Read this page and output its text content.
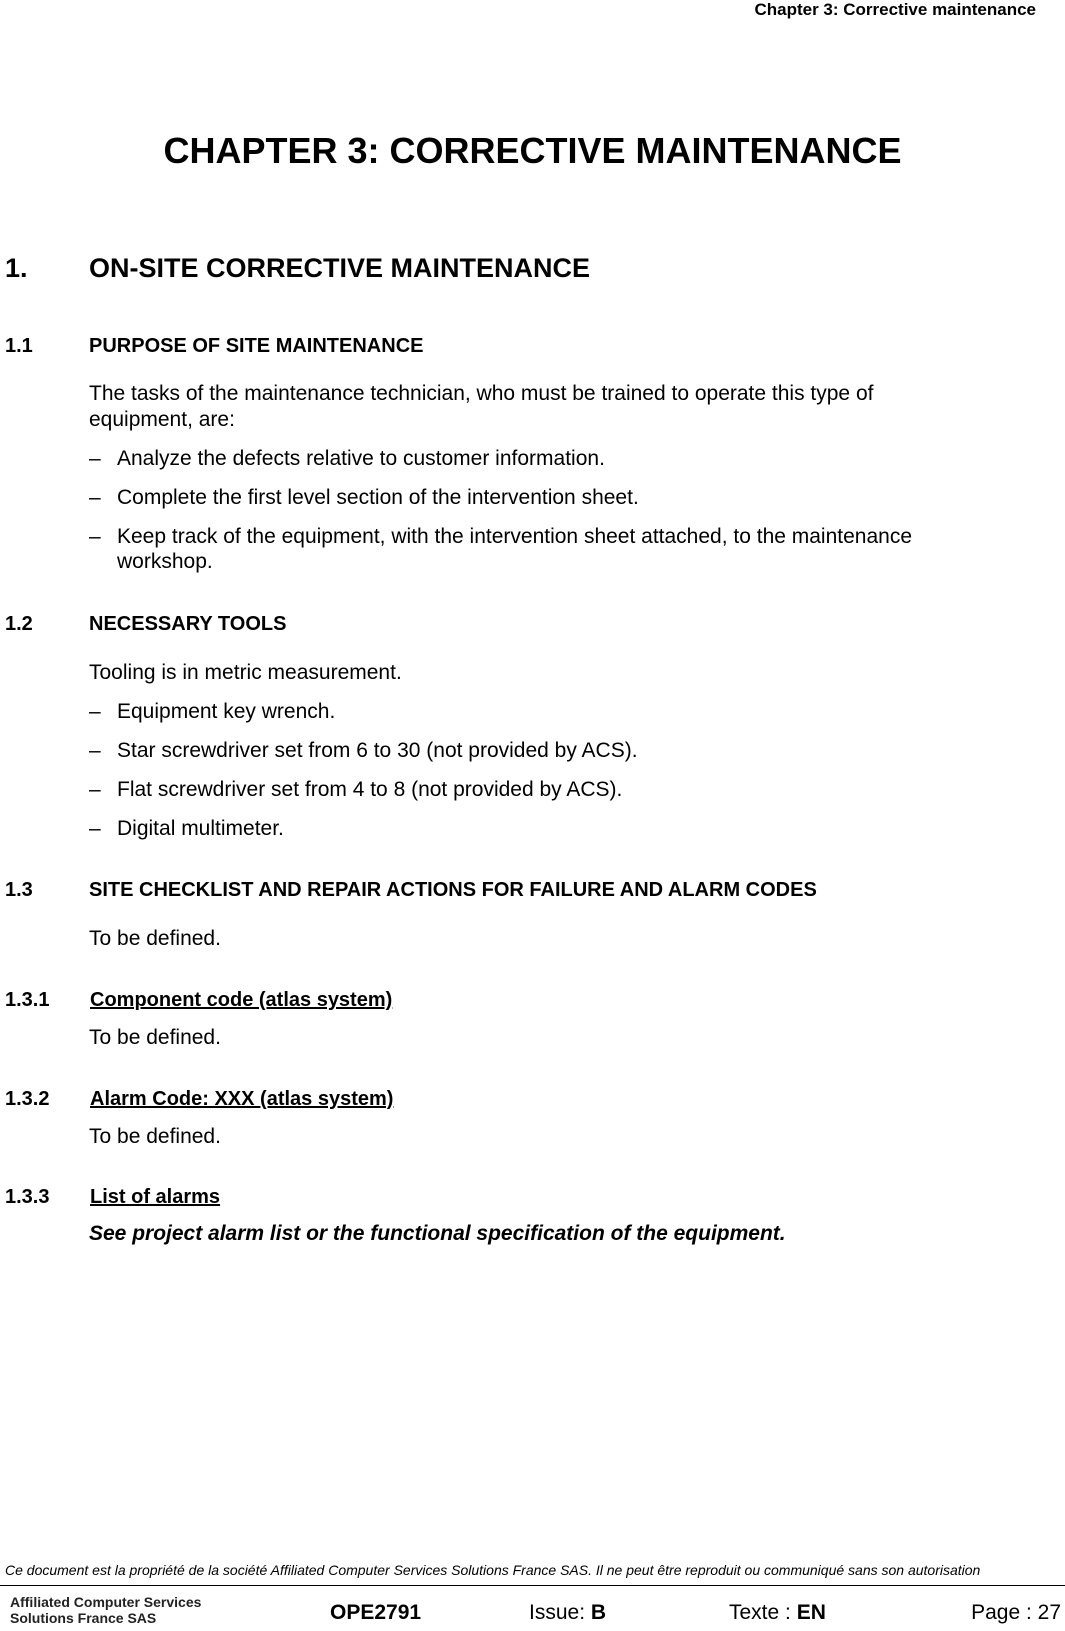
Chapter 3: Corrective maintenance
CHAPTER 3: CORRECTIVE MAINTENANCE
1. ON-SITE CORRECTIVE MAINTENANCE
1.1	PURPOSE OF SITE MAINTENANCE
The tasks of the maintenance technician, who must be trained to operate this type of
equipment, are:
– Analyze the defects relative to customer information.
– Complete the first level section of the intervention sheet.
– Keep track of the equipment, with the intervention sheet attached, to the maintenance
workshop.
1.2	NECESSARY TOOLS
Tooling is in metric measurement.
– Equipment key wrench.
– Star screwdriver set from 6 to 30 (not provided by ACS).
– Flat screwdriver set from 4 to 8 (not provided by ACS).
– Digital multimeter.
1.3	SITE CHECKLIST AND REPAIR ACTIONS FOR FAILURE AND ALARM CODES
To be defined.
1.3.1 Component code (atlas system)
To be defined.
1.3.2 Alarm Code: XXX (atlas system)
To be defined.
1.3.3 List of alarms
See project alarm list or the functional specification of the equipment.
Ce document est la propriété de la société Affiliated Computer Services Solutions France SAS. Il ne peut être reproduit ou communiqué sans son autorisation
Affiliated Computer Services
Solutions France SAS	OPE2791	Issue: B	Texte : EN	Page : 27
